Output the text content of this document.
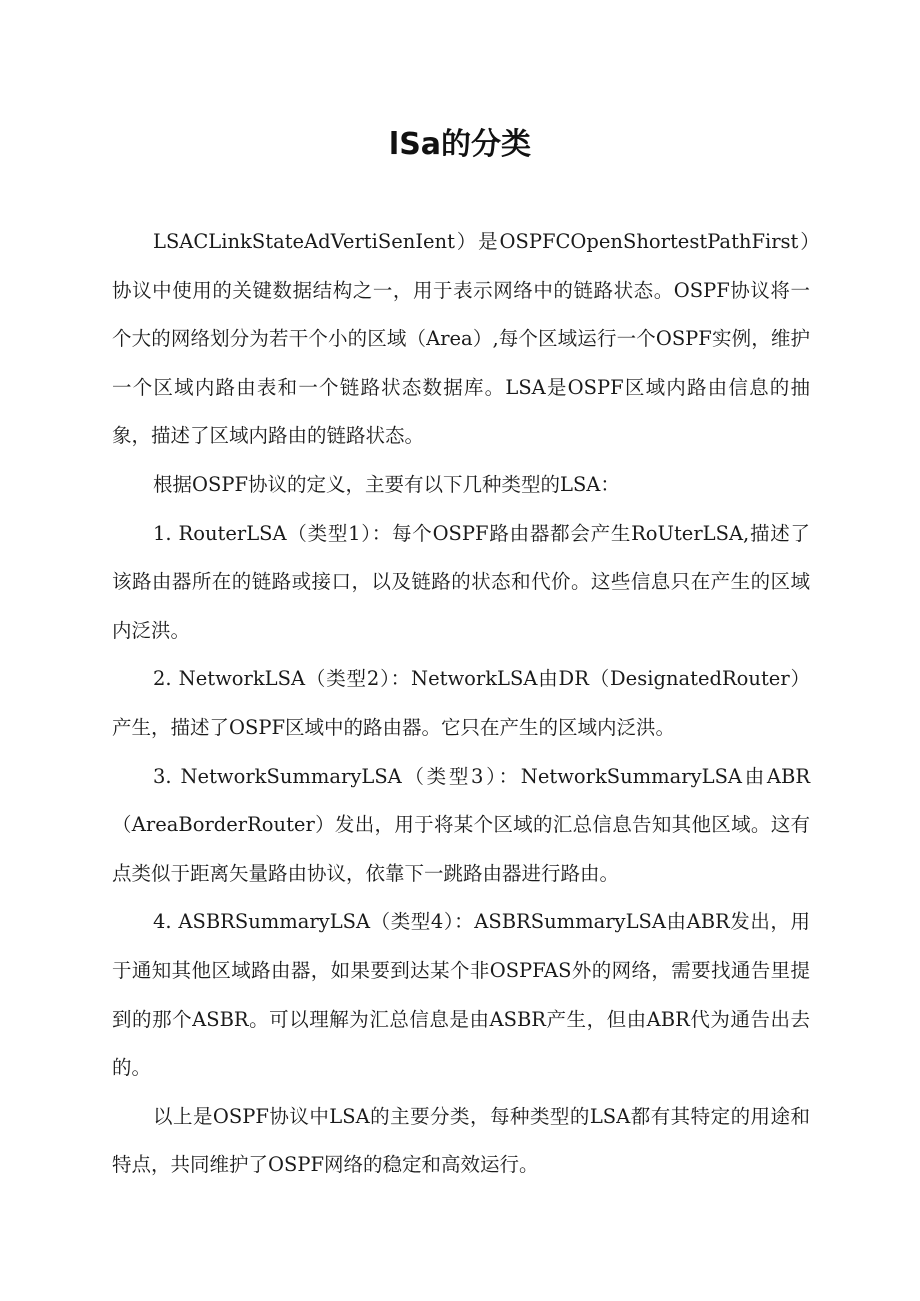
lSa的分类

LSACLinkStateAdVertiSenIent）是OSPFCOpenShortestPathFirst）协议中使用的关键数据结构之一，用于表示网络中的链路状态。OSPF协议将一个大的网络划分为若干个小的区域（Area）,每个区域运行一个OSPF实例，维护一个区域内路由表和一个链路状态数据库。LSA是OSPF区域内路由信息的抽象，描述了区域内路由的链路状态。

根据OSPF协议的定义，主要有以下几种类型的LSA：

1. RouterLSA（类型1）：每个OSPF路由器都会产生RoUterLSA,描述了该路由器所在的链路或接口，以及链路的状态和代价。这些信息只在产生的区域内泛洪。

2. NetworkLSA（类型2）：NetworkLSA由DR（DesignatedRouter）产生，描述了OSPF区域中的路由器。它只在产生的区域内泛洪。

3. NetworkSummaryLSA（类型3）：NetworkSummaryLSA由ABR（AreaBorderRouter）发出，用于将某个区域的汇总信息告知其他区域。这有点类似于距离矢量路由协议，依靠下一跳路由器进行路由。

4. ASBRSummaryLSA（类型4）：ASBRSummaryLSA由ABR发出，用于通知其他区域路由器，如果要到达某个非OSPFAS外的网络，需要找通告里提到的那个ASBR。可以理解为汇总信息是由ASBR产生，但由ABR代为通告出去的。

以上是OSPF协议中LSA的主要分类，每种类型的LSA都有其特定的用途和特点，共同维护了OSPF网络的稳定和高效运行。
